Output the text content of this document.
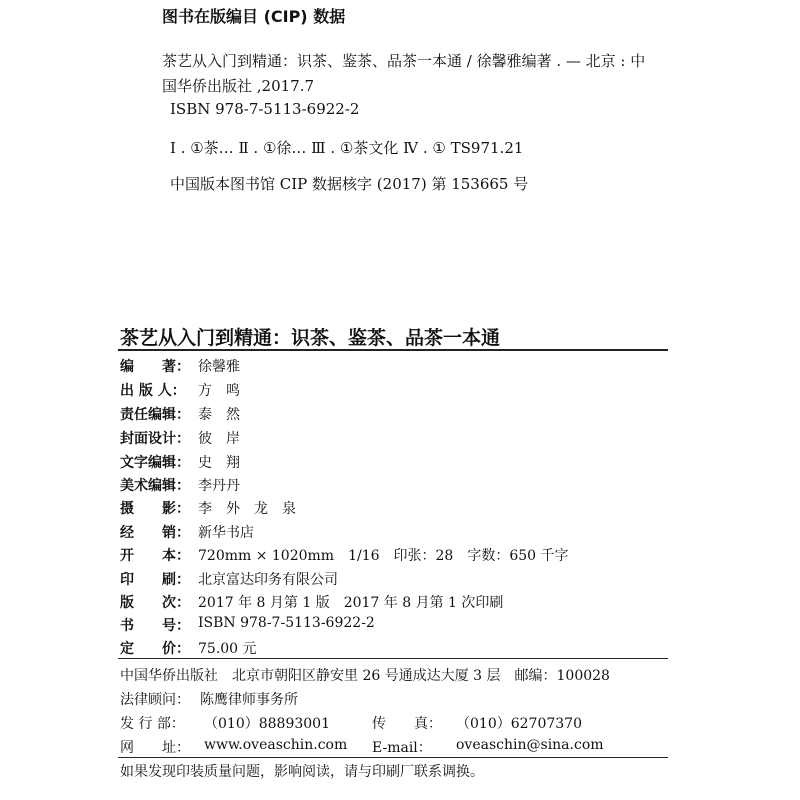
图书在版编目 (CIP) 数据
茶艺从入门到精通：识茶、鉴茶、品茶一本通 / 徐馨雅编著 . — 北京 : 中
国华侨出版社 ,2017.7
ISBN 978-7-5113-6922-2
Ⅰ . ①茶… Ⅱ . ①徐… Ⅲ . ①茶文化 Ⅳ . ① TS971.21
中国版本图书馆 CIP 数据核字 (2017) 第 153665 号
茶艺从入门到精通：识茶、鉴茶、品茶一本通
编　　著： 徐馨雅
出 版 人： 方　鸣
责任编辑： 泰　然
封面设计： 彼　岸
文字编辑： 史　翔
美术编辑： 李丹丹
摄　　影： 李　外　龙　泉
经　　销： 新华书店
开　　本： 720mm × 1020mm　1/16　印张：28　字数：650 千字
印　　刷： 北京富达印务有限公司
版　　次： 2017 年 8 月第 1 版　2017 年 8 月第 1 次印刷
书　　号： ISBN 978-7-5113-6922-2
定　　价： 75.00 元
中国华侨出版社　北京市朝阳区静安里 26 号通成达大厦 3 层　邮编：100028
法律顾问： 陈鹰律师事务所
发 行 部：	（010）88893001	传　　真：	（010）62707370
网　　址：	www.oveaschin.com	E-mail：	oveaschin@sina.com
如果发现印装质量问题，影响阅读，请与印刷厂联系调换。
